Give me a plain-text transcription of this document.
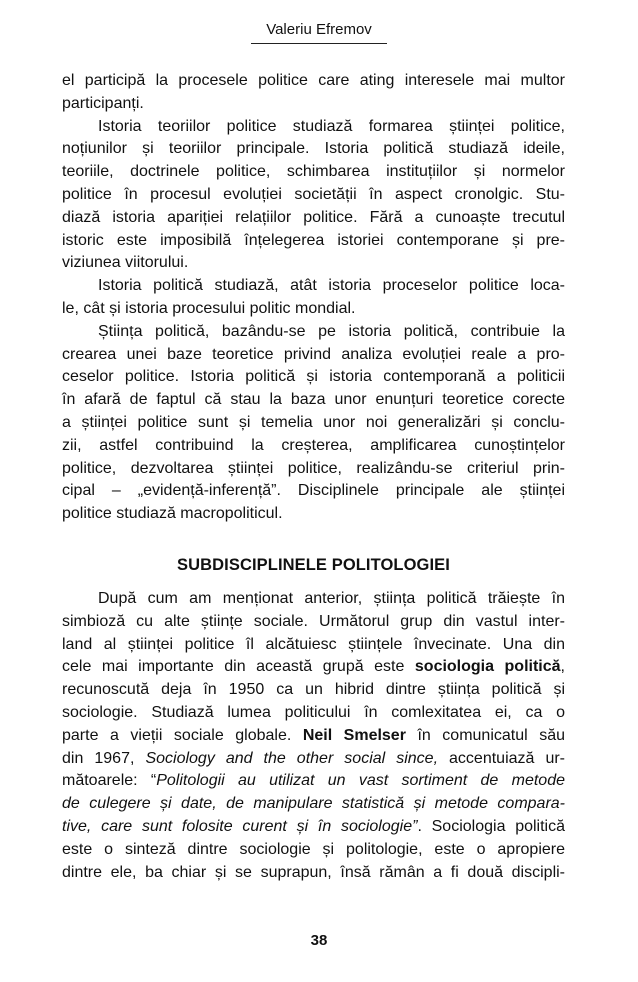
Valeriu Efremov
el participă la procesele politice care ating interesele mai multor
participanți.
Istoria teoriilor politice studiază formarea științei politice,
noțiunilor și teoriilor principale. Istoria politică studiază ideile,
teoriile, doctrinele politice, schimbarea instituțiilor și normelor
politice în procesul evoluției societății în aspect cronolgic. Stu-
diază istoria apariției relațiilor politice. Fără a cunoaște trecutul
istoric este imposibilă înțelegerea istoriei contemporane și pre-
viziunea viitorului.
Istoria politică studiază, atât istoria proceselor politice loca-
le, cât și istoria procesului politic mondial.
Știința politică, bazându-se pe istoria politică, contribuie la
crearea unei baze teoretice privind analiza evoluției reale a pro-
ceselor politice. Istoria politică și istoria contemporană a politicii
în afară de faptul că stau la baza unor enunțuri teoretice corecte
a științei politice sunt și temelia unor noi generalizări și conclu-
zii, astfel contribuind la creșterea, amplificarea cunoștințelor
politice, dezvoltarea științei politice, realizându-se criteriul prin-
cipal – „evidență-inferență”. Disciplinele principale ale științei
politice studiază macropoliticul.
SUBDISCIPLINELE POLITOLOGIEI
După cum am menționat anterior, știința politică trăiește în
simbioză cu alte științe sociale. Următorul grup din vastul inter-
land al științei politice îl alcătuiesc științele învecinate. Una din
cele mai importante din această grupă este sociologia politică,
recunoscută deja în 1950 ca un hibrid dintre știința politică și
sociologie. Studiază lumea politicului în comlexitatea ei, ca o
parte a vieții sociale globale. Neil Smelser în comunicatul său
din 1967, Sociology and the other social since, accentuiază ur-
mătoarele: “Politologii au utilizat un vast sortiment de metode
de culegere și date, de manipulare statistică și metode compara-
tive, care sunt folosite curent și în sociologie”. Sociologia politică
este o sinteză dintre sociologie și politologie, este o apropiere
dintre ele, ba chiar și se suprapun, însă rămân a fi două discipli-
38
